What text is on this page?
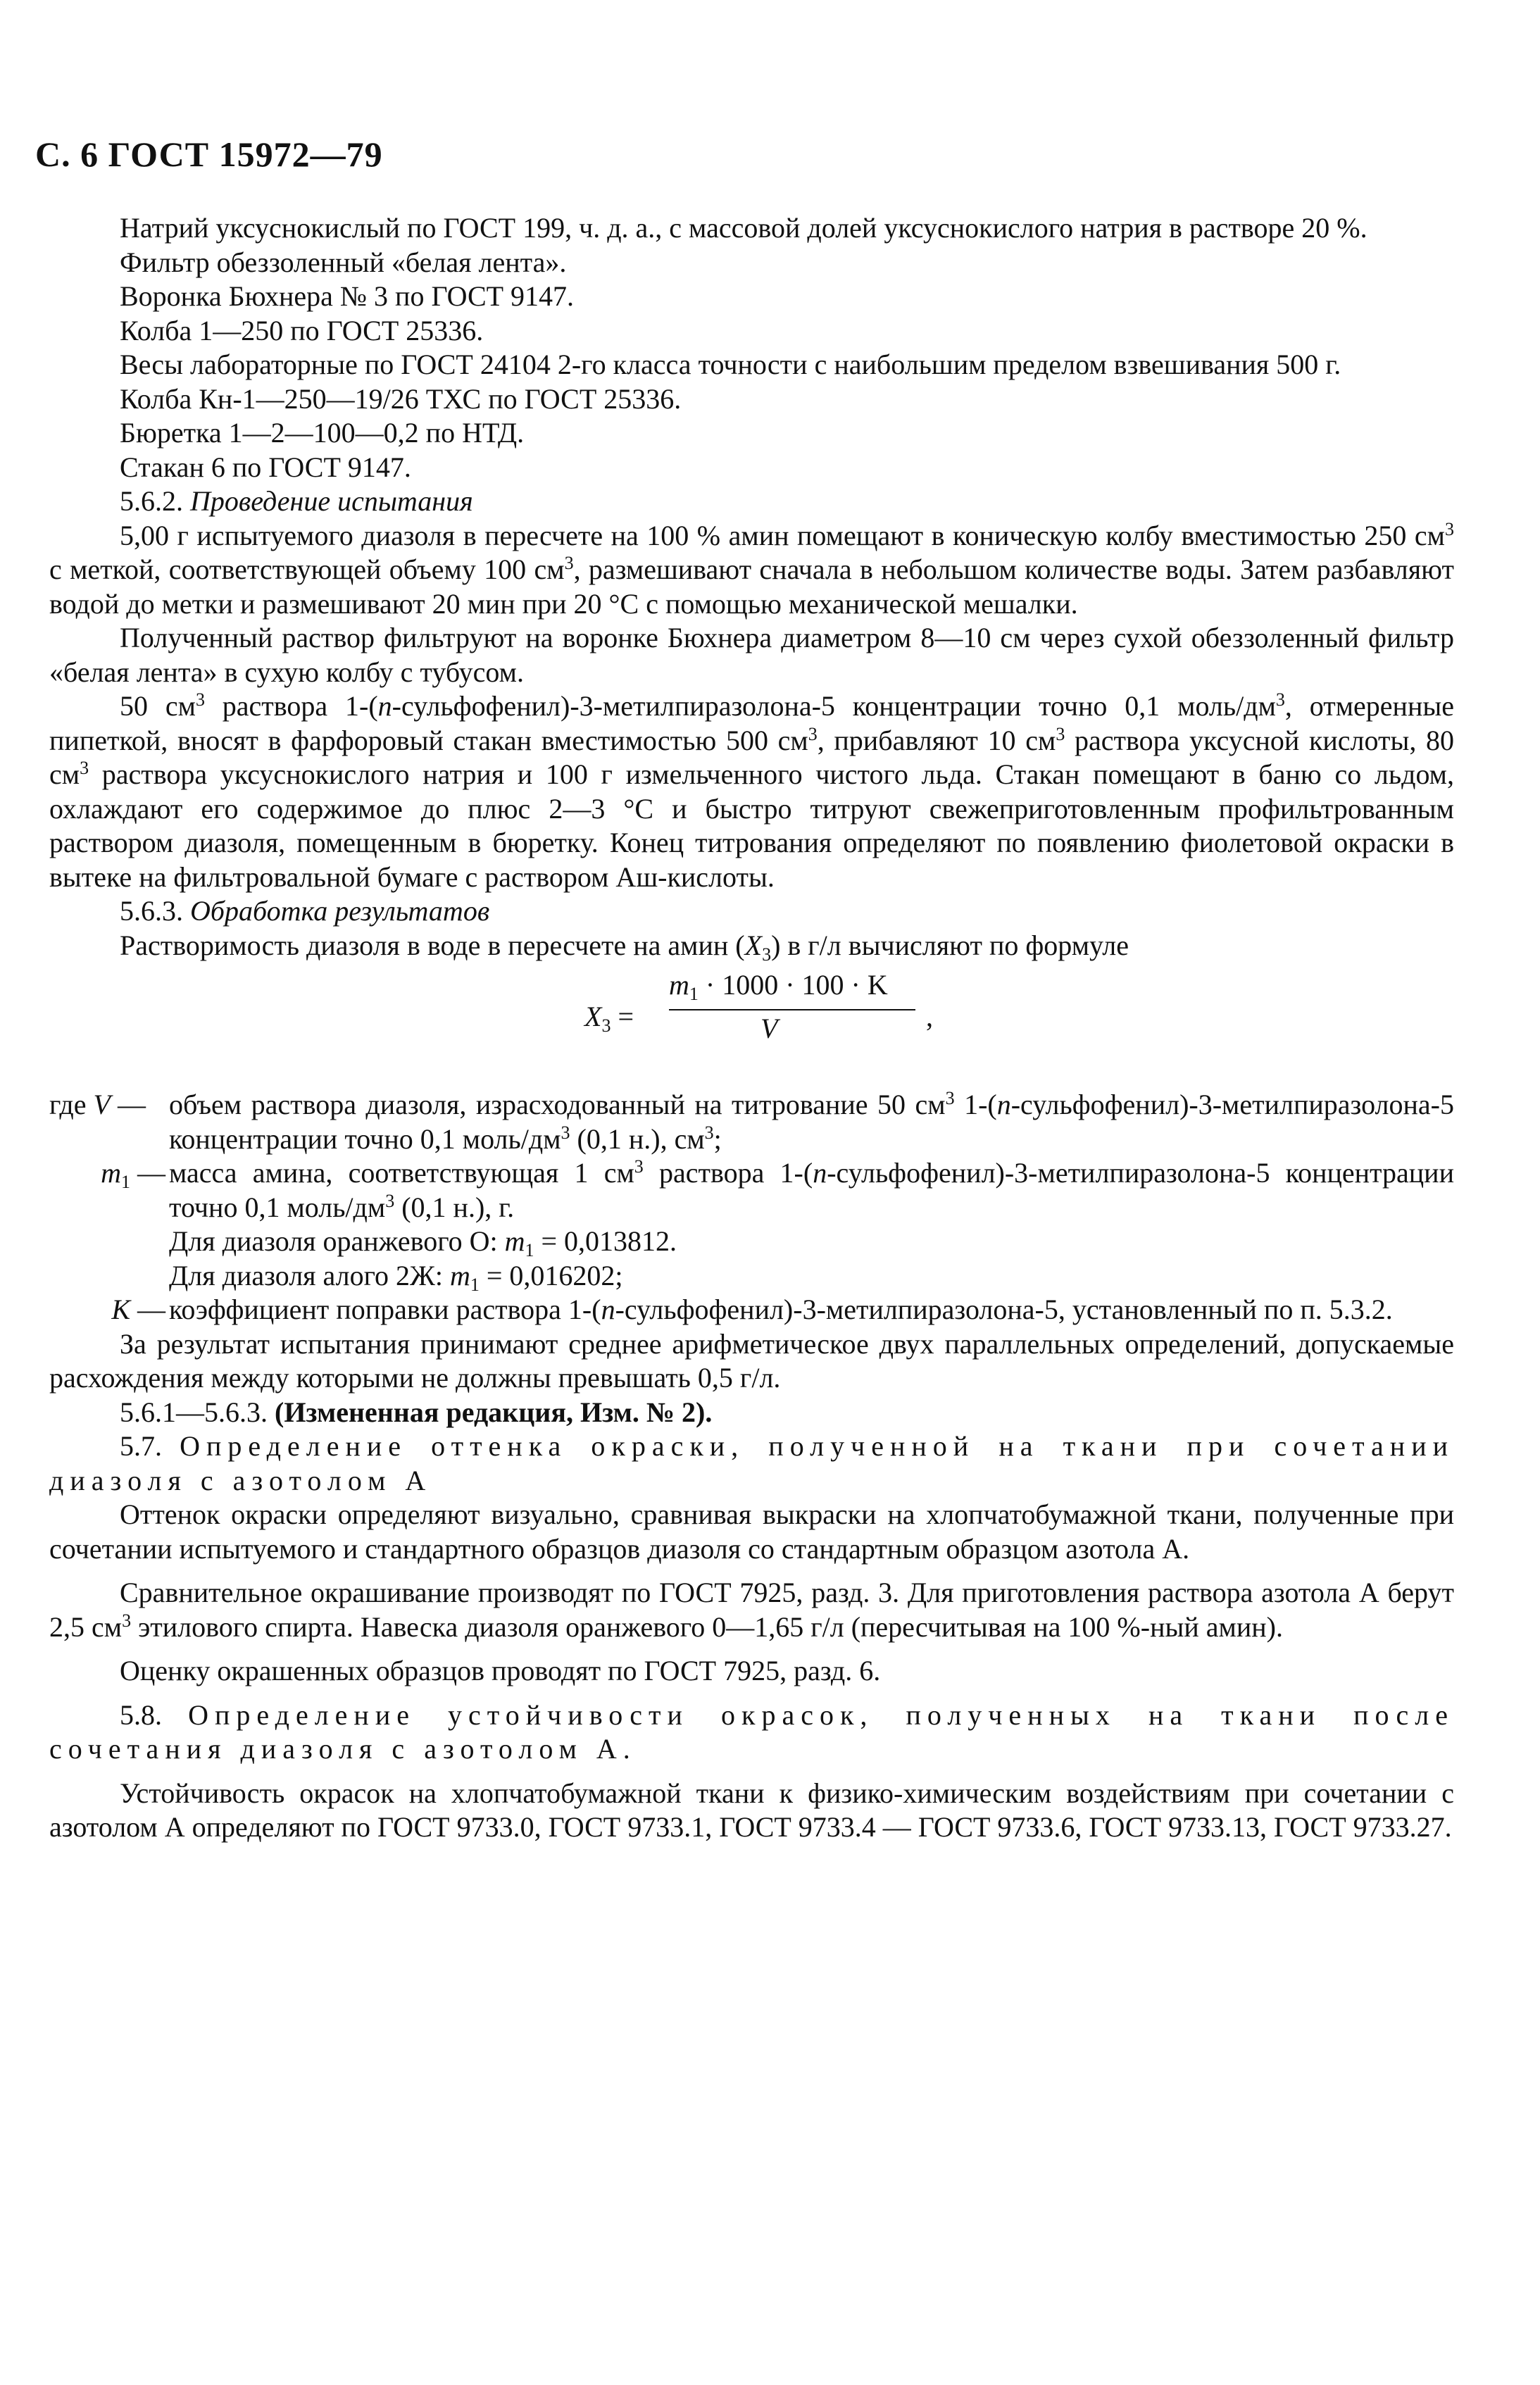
С. 6 ГОСТ 15972—79

Натрий уксуснокислый по ГОСТ 199, ч. д. а., с массовой долей уксуснокислого натрия в растворе 20 %.

Фильтр обеззоленный «белая лента».

Воронка Бюхнера № 3 по ГОСТ 9147.

Колба 1—250 по ГОСТ 25336.

Весы лабораторные по ГОСТ 24104 2-го класса точности с наибольшим пределом взвешивания 500 г.

Колба Кн-1—250—19/26 ТХС по ГОСТ 25336.

Бюретка 1—2—100—0,2 по НТД.

Стакан 6 по ГОСТ 9147.

5.6.2. Проведение испытания

5,00 г испытуемого диазоля в пересчете на 100 % амин помещают в коническую колбу вместимостью 250 $см^3$ с меткой, соответствующей объему 100 $см^3$, размешивают сначала в небольшом количестве воды. Затем разбавляют водой до метки и размешивают 20 мин при 20 °С с помощью механической мешалки.

Полученный раствор фильтруют на воронке Бюхнера диаметром 8—10 см через сухой обеззоленный фильтр «белая лента» в сухую колбу с тубусом.

50 $см^3$ раствора 1-(n-сульфофенил)-3-метилпиразолона-5 концентрации точно 0,1 моль/$дм^3$, отмеренные пипеткой, вносят в фарфоровый стакан вместимостью 500 $см^3$, прибавляют 10 $см^3$ раствора уксусной кислоты, 80 $см^3$ раствора уксуснокислого натрия и 100 г измельченного чистого льда. Стакан помещают в баню со льдом, охлаждают его содержимое до плюс 2—3 °С и быстро титруют свежеприготовленным профильтрованным раствором диазоля, помещенным в бюретку. Конец титрования определяют по появлению фиолетовой окраски в вытеке на фильтровальной бумаге с раствором Аш-кислоты.

5.6.3. Обработка результатов

Растворимость диазоля в воде в пересчете на амин $(X_3)$ в г/л вычисляют по формуле

$X_3$ =
$m_1 \cdot 1000 \cdot 100 \cdot K$
V	,

где V — объем раствора диазоля, израсходованный на титрование 50 $см^3$ 1-(n-сульфофенил)-3-метилпиразолона-5 концентрации точно 0,1 моль/$дм^3$ (0,1 н.), $см^3$;

$m_1$ — масса амина, соответствующая 1 $см^3$ раствора 1-(n-сульфофенил)-3-метилпиразолона-5 концентрации точно 0,1 моль/$дм^3$ (0,1 н.), г.

Для диазоля оранжевого О: $m_1 = 0,013812$.

Для диазоля алого 2Ж: $m_1 = 0,016202$;

K — коэффициент поправки раствора 1-(n-сульфофенил)-3-метилпиразолона-5, установленный по п. 5.3.2.

За результат испытания принимают среднее арифметическое двух параллельных определений, допускаемые расхождения между которыми не должны превышать 0,5 г/л.

5.6.1—5.6.3. (Измененная редакция, Изм. № 2).

5.7. Определение оттенка окраски, полученной на ткани при сочетании диазоля с азотолом А

Оттенок окраски определяют визуально, сравнивая выкраски на хлопчатобумажной ткани, полученные при сочетании испытуемого и стандартного образцов диазоля со стандартным образцом азотола А.

Сравнительное окрашивание производят по ГОСТ 7925, разд. 3. Для приготовления раствора азотола А берут 2,5 $см^3$ этилового спирта. Навеска диазоля оранжевого 0—1,65 г/л (пересчитывая на 100 %-ный амин).

Оценку окрашенных образцов проводят по ГОСТ 7925, разд. 6.

5.8. Определение устойчивости окрасок, полученных на ткани после сочетания диазоля с азотолом А.

Устойчивость окрасок на хлопчатобумажной ткани к физико-химическим воздействиям при сочетании с азотолом А определяют по ГОСТ 9733.0, ГОСТ 9733.1, ГОСТ 9733.4 — ГОСТ 9733.6, ГОСТ 9733.13, ГОСТ 9733.27.
